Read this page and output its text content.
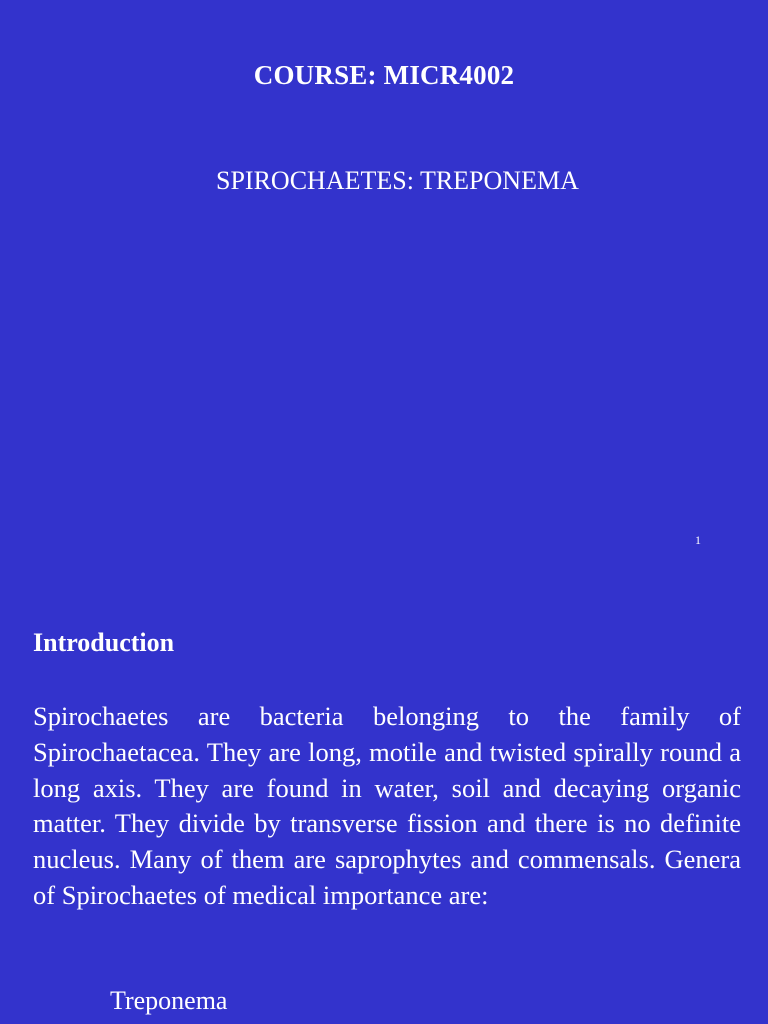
COURSE: MICR4002
SPIROCHAETES: TREPONEMA
1
Introduction

Spirochaetes are bacteria belonging to the family of Spirochaetacea. They are long, motile and twisted spirally round a long axis. They are found in water, soil and decaying organic matter. They divide by transverse fission and there is no definite nucleus. Many of them are saprophytes and commensals. Genera of Spirochaetes of medical importance are:

Treponema
